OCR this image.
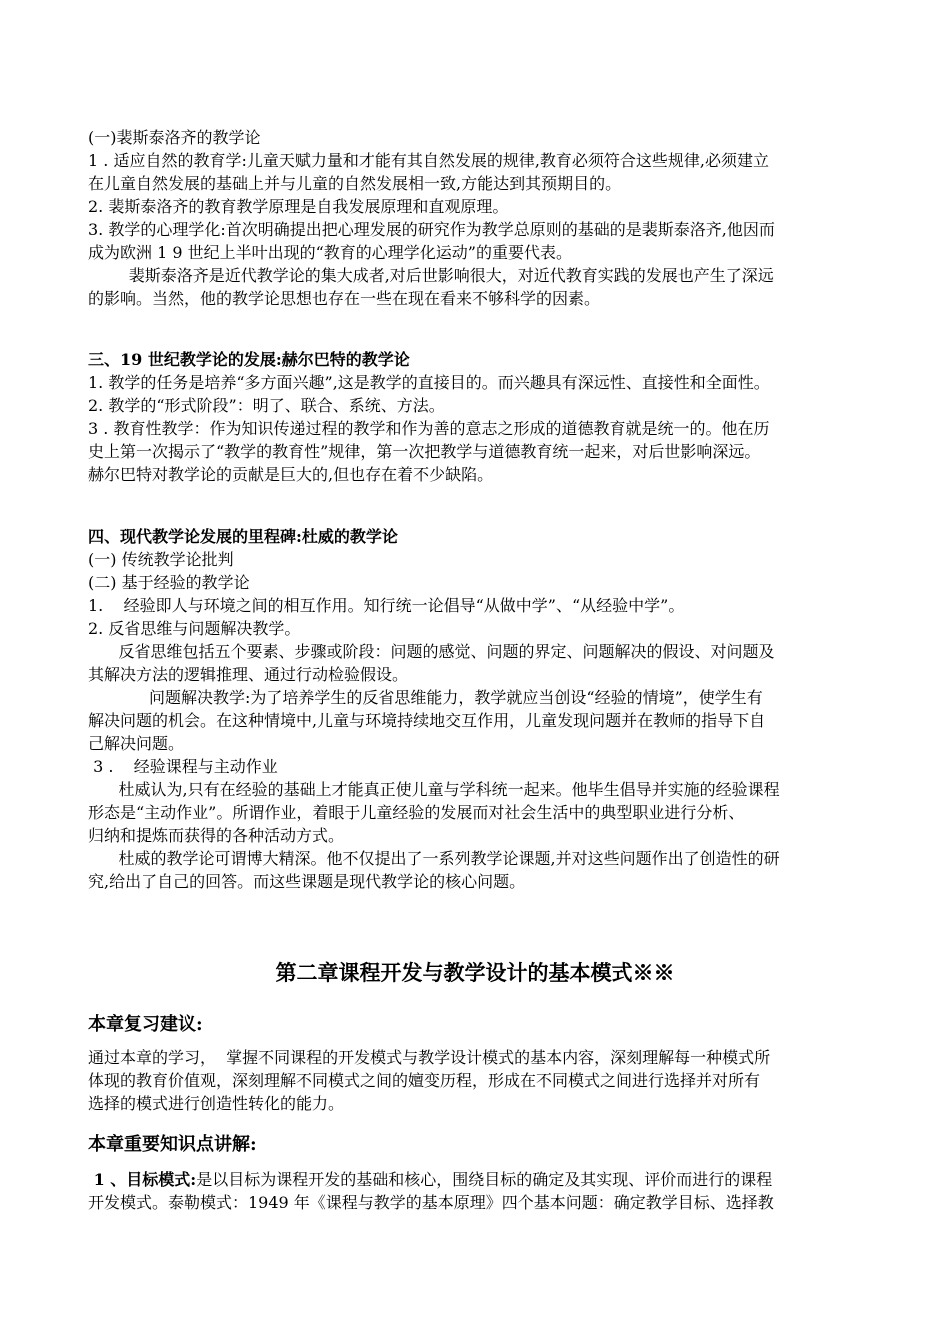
(一)裴斯泰洛齐的教学论
1 . 适应自然的教育学:儿童天赋力量和才能有其自然发展的规律,教育必须符合这些规律,必须建立
在儿童自然发展的基础上并与儿童的自然发展相一致,方能达到其预期目的。
2. 裴斯泰洛齐的教育教学原理是自我发展原理和直观原理。
3. 教学的心理学化:首次明确提出把心理发展的研究作为教学总原则的基础的是裴斯泰洛齐,他因而
成为欧洲 1 9 世纪上半叶出现的“教育的心理学化运动”的重要代表。
裴斯泰洛齐是近代教学论的集大成者,对后世影响很大，对近代教育实践的发展也产生了深远
的影响。当然，他的教学论思想也存在一些在现在看来不够科学的因素。
三、19 世纪教学论的发展:赫尔巴特的教学论
1. 教学的任务是培养“多方面兴趣”,这是教学的直接目的。而兴趣具有深远性、直接性和全面性。
2. 教学的“形式阶段”：明了、联合、系统、方法。
3 . 教育性教学：作为知识传递过程的教学和作为善的意志之形成的道德教育就是统一的。他在历
史上第一次揭示了“教学的教育性”规律，第一次把教学与道德教育统一起来，对后世影响深远。
赫尔巴特对教学论的贡献是巨大的,但也存在着不少缺陷。
四、现代教学论发展的里程碑:杜威的教学论
(一) 传统教学论批判
(二) 基于经验的教学论
1.    经验即人与环境之间的相互作用。知行统一论倡导“从做中学”、“从经验中学”。
2. 反省思维与问题解决教学。
反省思维包括五个要素、步骤或阶段：问题的感觉、问题的界定、问题解决的假设、对问题及
其解决方法的逻辑推理、通过行动检验假设。
问题解决教学:为了培养学生的反省思维能力，教学就应当创设“经验的情境”，使学生有
解决问题的机会。在这种情境中,儿童与环境持续地交互作用，儿童发现问题并在教师的指导下自
己解决问题。
3 .    经验课程与主动作业
杜威认为,只有在经验的基础上才能真正使儿童与学科统一起来。他毕生倡导并实施的经验课程
形态是“主动作业”。所谓作业，着眼于儿童经验的发展而对社会生活中的典型职业进行分析、
归纳和提炼而获得的各种活动方式。
杜威的教学论可谓博大精深。他不仅提出了一系列教学论课题,并对这些问题作出了创造性的研
究,给出了自己的回答。而这些课题是现代教学论的核心问题。
第二章课程开发与教学设计的基本模式※※
本章复习建议:
通过本章的学习，  掌握不同课程的开发模式与教学设计模式的基本内容，深刻理解每一种模式所
体现的教育价值观，深刻理解不同模式之间的嬗变历程，形成在不同模式之间进行选择并对所有
选择的模式进行创造性转化的能力。
本章重要知识点讲解:
1 、目标模式:是以目标为课程开发的基础和核心，围绕目标的确定及其实现、评价而进行的课程
开发模式。泰勒模式：1949 年《课程与教学的基本原理》四个基本问题：确定教学目标、选择教
